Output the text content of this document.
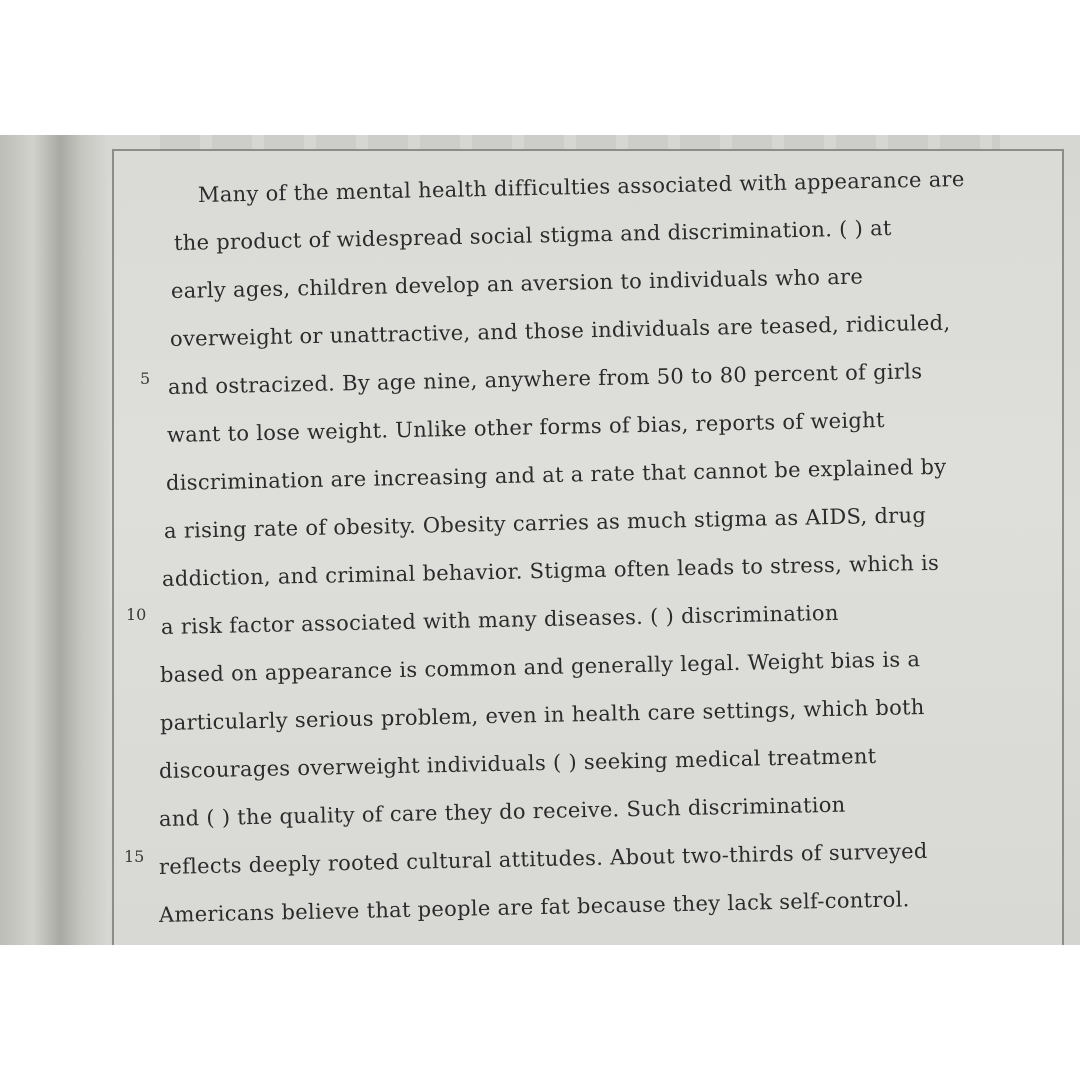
Many of the mental health difficulties associated with appearance are
the product of widespread social stigma and discrimination. ( ) at
early ages, children develop an aversion to individuals who are
overweight or unattractive, and those individuals are teased, ridiculed,
and ostracized. By age nine, anywhere from 50 to 80 percent of girls
want to lose weight. Unlike other forms of bias, reports of weight
discrimination are increasing and at a rate that cannot be explained by
a rising rate of obesity. Obesity carries as much stigma as AIDS, drug
addiction, and criminal behavior. Stigma often leads to stress, which is
a risk factor associated with many diseases. ( ) discrimination
based on appearance is common and generally legal. Weight bias is a
particularly serious problem, even in health care settings, which both
discourages overweight individuals ( ) seeking medical treatment
and ( ) the quality of care they do receive. Such discrimination
reflects deeply rooted cultural attitudes. About two-thirds of surveyed
Americans believe that people are fat because they lack self-control.
5
10
15
